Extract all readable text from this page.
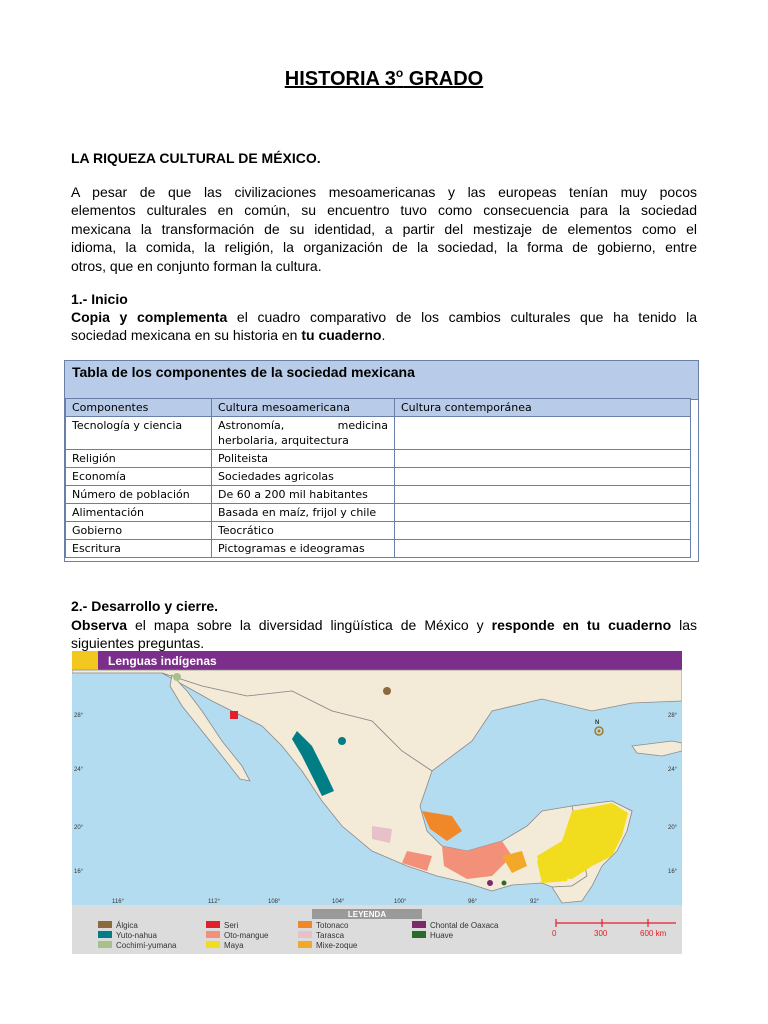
HISTORIA 3$^o$ GRADO
LA RIQUEZA CULTURAL DE MÉXICO.
A pesar de que las civilizaciones mesoamericanas y las europeas tenían muy pocos
elementos culturales en común, su encuentro tuvo como consecuencia para la sociedad
mexicana la transformación de su identidad, a partir del mestizaje de elementos como el
idioma, la comida, la religión, la organización de la sociedad, la forma de gobierno, entre
otros, que en conjunto forman la cultura.
1.- Inicio
Copia y complementa el cuadro comparativo de los cambios culturales que ha tenido la
sociedad mexicana en su historia en tu cuaderno.
Tabla de los componentes de la sociedad mexicana
Componentes	Cultura mesoamericana	Cultura contemporánea
Tecnología y ciencia	Astronomía, medicina
herbolaria, arquitectura	
Religión	Politeista	
Economía	Sociedades agricolas	
Número de población	De 60 a 200 mil habitantes	
Alimentación	Basada en maíz, frijol y chile	
Gobierno	Teocrático	
Escritura	Pictogramas e ideogramas	
2.- Desarrollo y cierre.
Observa el mapa sobre la diversidad lingüística de México y responde en tu cuaderno las
siguientes preguntas.
Lenguas indígenas
28°
24°
20°
16°
28°
24°
20°
16°
116°	112°	108°	104°	100°	96°	92°
N
LEYENDA
Álgica
Yuto-nahua
Cochimí-yumana
Seri
Oto-mangue
Maya
Totonaco
Tarasca
Mixe-zoque
Chontal de Oaxaca
Huave	0	300	600 km
